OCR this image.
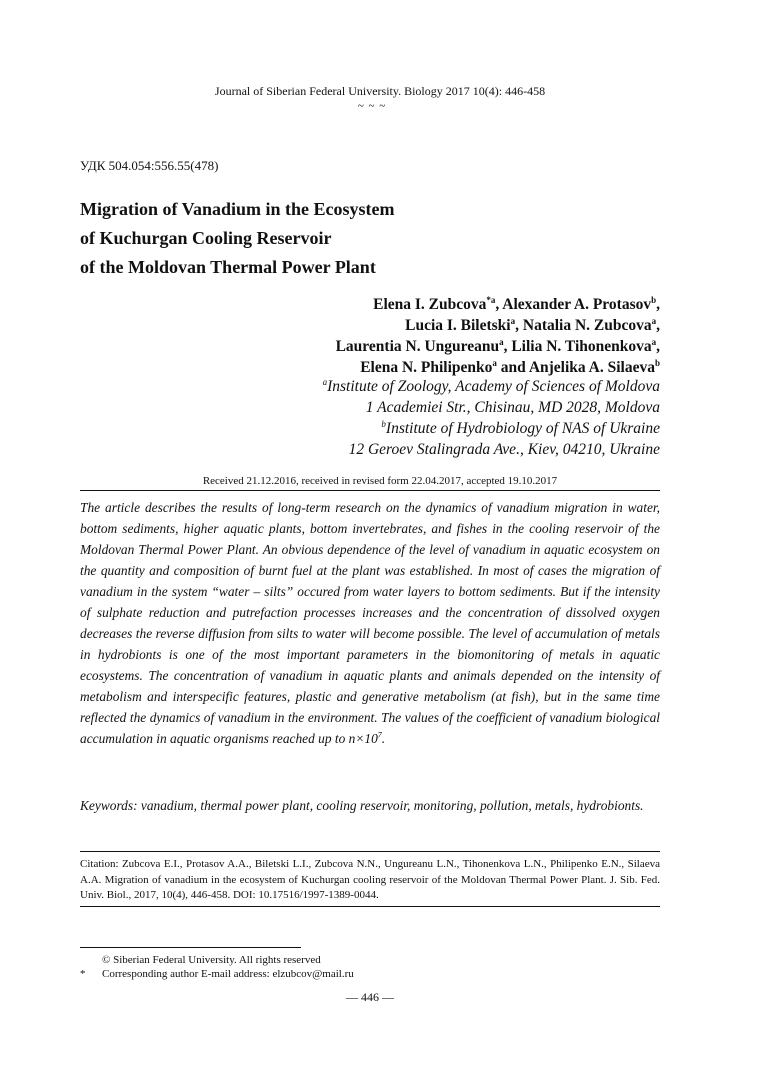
Journal of Siberian Federal University. Biology 2017 10(4): 446-458
~ ~ ~
УДК 504.054:556.55(478)
Migration of Vanadium in the Ecosystem
of Kuchurgan Cooling Reservoir
of the Moldovan Thermal Power Plant
Elena I. Zubcova$^{*a}$, Alexander A. Protasov$^b$,
Lucia I. Biletski$^a$, Natalia N. Zubcova$^a$,
Laurentia N. Ungureanu$^a$, Lilia N. Tihonenkova$^a$,
Elena N. Philipenko$^a$ and Anjelika A. Silaeva$^b$
$^a$Institute of Zoology, Academy of Sciences of Moldova
1 Academiei Str., Chisinau, MD 2028, Moldova
$^b$Institute of Hydrobiology of NAS of Ukraine
12 Geroev Stalingrada Ave., Kiev, 04210, Ukraine
Received 21.12.2016, received in revised form 22.04.2017, accepted 19.10.2017

The article describes the results of long-term research on the dynamics of vanadium migration in water, bottom sediments, higher aquatic plants, bottom invertebrates, and fishes in the cooling reservoir of the Moldovan Thermal Power Plant. An obvious dependence of the level of vanadium in aquatic ecosystem on the quantity and composition of burnt fuel at the plant was established. In most of cases the migration of vanadium in the system “water – silts” occured from water layers to bottom sediments. But if the intensity of sulphate reduction and putrefaction processes increases and the concentration of dissolved oxygen decreases the reverse diffusion from silts to water will become possible. The level of accumulation of metals in hydrobionts is one of the most important parameters in the biomonitoring of metals in aquatic ecosystems. The concentration of vanadium in aquatic plants and animals depended on the intensity of metabolism and interspecific features, plastic and generative metabolism (at fish), but in the same time reflected the dynamics of vanadium in the environment. The values of the coefficient of vanadium biological accumulation in aquatic organisms reached up to $n\times 10^7$.

Keywords: vanadium, thermal power plant, cooling reservoir, monitoring, pollution, metals, hydrobionts.

Citation: Zubcova E.I., Protasov A.A., Biletski L.I., Zubcova N.N., Ungureanu L.N., Tihonenkova L.N., Philipenko E.N., Silaeva A.A. Migration of vanadium in the ecosystem of Kuchurgan cooling reservoir of the Moldovan Thermal Power Plant. J. Sib. Fed. Univ. Biol., 2017, 10(4), 446-458. DOI: 10.17516/1997-1389-0044.

© Siberian Federal University. All rights reserved
* Corresponding author E-mail address: elzubcov@mail.ru
— 446 —
